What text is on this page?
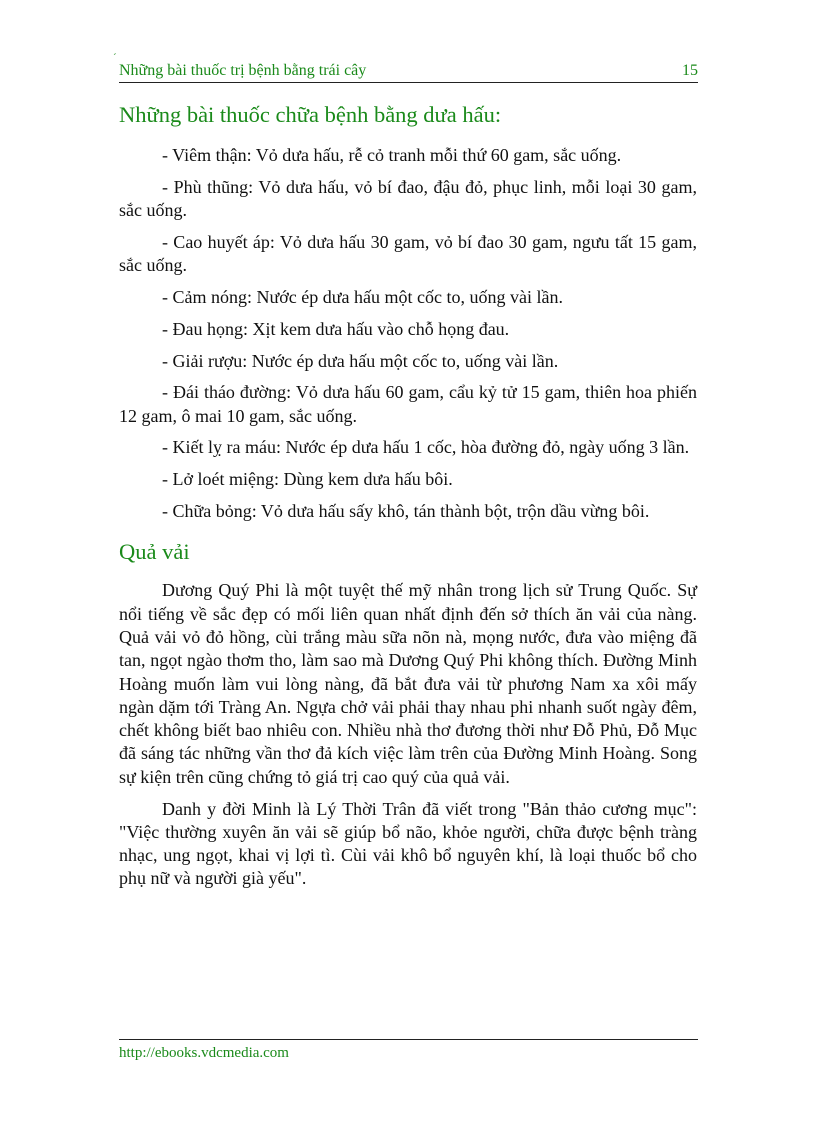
´
Những bài thuốc trị bệnh bằng trái cây	15
Những bài thuốc chữa bệnh bằng dưa hấu:

- Viêm thận: Vỏ dưa hấu, rễ cỏ tranh mỗi thứ 60 gam, sắc uống.

- Phù thũng: Vỏ dưa hấu, vỏ bí đao, đậu đỏ, phục linh, mỗi loại 30 gam, sắc uống.

- Cao huyết áp: Vỏ dưa hấu 30 gam, vỏ bí đao 30 gam, ngưu tất 15 gam, sắc uống.

- Cảm nóng: Nước ép dưa hấu một cốc to, uống vài lần.

- Đau họng: Xịt kem dưa hấu vào chỗ họng đau.

- Giải rượu: Nước ép dưa hấu một cốc to, uống vài lần.

- Đái tháo đường: Vỏ dưa hấu 60 gam, cẩu kỷ tử 15 gam, thiên hoa phiến 12 gam, ô mai 10 gam, sắc uống.

- Kiết lỵ ra máu: Nước ép dưa hấu 1 cốc, hòa đường đỏ, ngày uống 3 lần.

- Lở loét miệng: Dùng kem dưa hấu bôi.

- Chữa bỏng: Vỏ dưa hấu sấy khô, tán thành bột, trộn dầu vừng bôi.

Quả vải

Dương Quý Phi là một tuyệt thế mỹ nhân trong lịch sử Trung Quốc. Sự nổi tiếng về sắc đẹp có mối liên quan nhất định đến sở thích ăn vải của nàng. Quả vải vỏ đỏ hồng, cùi trắng màu sữa nõn nà, mọng nước, đưa vào miệng đã tan, ngọt ngào thơm tho, làm sao mà Dương Quý Phi không thích. Đường Minh Hoàng muốn làm vui lòng nàng, đã bắt đưa vải từ phương Nam xa xôi mấy ngàn dặm tới Tràng An. Ngựa chở vải phải thay nhau phi nhanh suốt ngày đêm, chết không biết bao nhiêu con. Nhiều nhà thơ đương thời như Đỗ Phủ, Đỗ Mục đã sáng tác những vần thơ đả kích việc làm trên của Đường Minh Hoàng. Song sự kiện trên cũng chứng tỏ giá trị cao quý của quả vải.

Danh y đời Minh là Lý Thời Trân đã viết trong "Bản thảo cương mục": "Việc thường xuyên ăn vải sẽ giúp bổ não, khỏe người, chữa được bệnh tràng nhạc, ung ngọt, khai vị lợi tì. Cùi vải khô bổ nguyên khí, là loại thuốc bổ cho phụ nữ và người già yếu".

http://ebooks.vdcmedia.com
